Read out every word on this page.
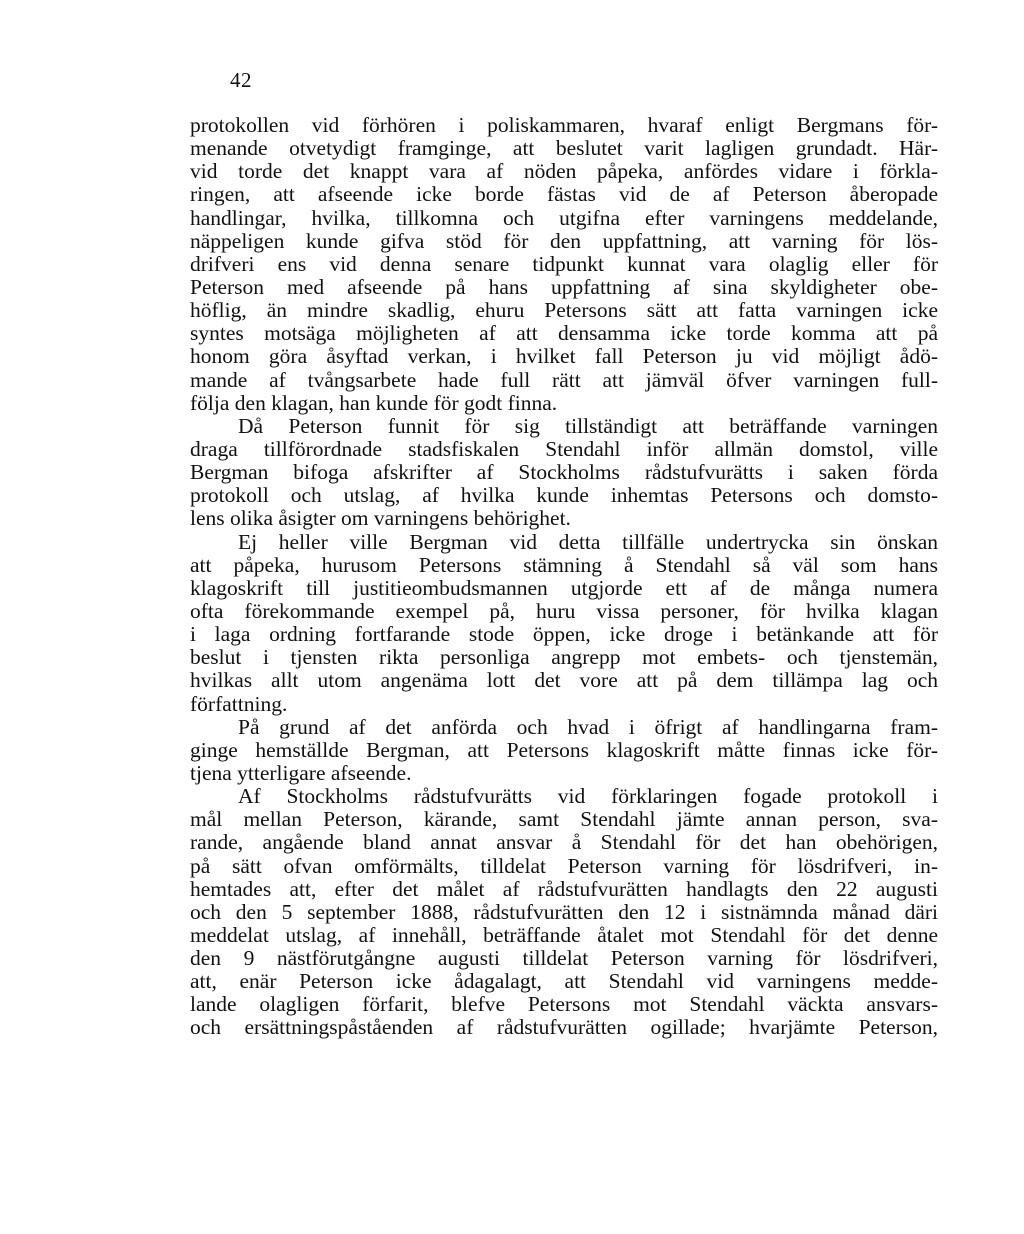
42
protokollen vid förhören i poliskammaren, hvaraf enligt Bergmans för-
menande otvetydigt framginge, att beslutet varit lagligen grundadt. Här-
vid torde det knappt vara af nöden påpeka, anfördes vidare i förkla-
ringen, att afseende icke borde fästas vid de af Peterson åberopade
handlingar, hvilka, tillkomna och utgifna efter varningens meddelande,
näppeligen kunde gifva stöd för den uppfattning, att varning för lös-
drifveri ens vid denna senare tidpunkt kunnat vara olaglig eller för
Peterson med afseende på hans uppfattning af sina skyldigheter obe-
höflig, än mindre skadlig, ehuru Petersons sätt att fatta varningen icke
syntes motsäga möjligheten af att densamma icke torde komma att på
honom göra åsyftad verkan, i hvilket fall Peterson ju vid möjligt ådö-
mande af tvångsarbete hade full rätt att jämväl öfver varningen full-
följa den klagan, han kunde för godt finna.
Då Peterson funnit för sig tillständigt att beträffande varningen
draga tillförordnade stadsfiskalen Stendahl inför allmän domstol, ville
Bergman bifoga afskrifter af Stockholms rådstufvurätts i saken förda
protokoll och utslag, af hvilka kunde inhemtas Petersons och domsto-
lens olika åsigter om varningens behörighet.
Ej heller ville Bergman vid detta tillfälle undertrycka sin önskan
att påpeka, hurusom Petersons stämning å Stendahl så väl som hans
klagoskrift till justitieombudsmannen utgjorde ett af de många numera
ofta förekommande exempel på, huru vissa personer, för hvilka klagan
i laga ordning fortfarande stode öppen, icke droge i betänkande att för
beslut i tjensten rikta personliga angrepp mot embets- och tjenstemän,
hvilkas allt utom angenäma lott det vore att på dem tillämpa lag och
författning.
På grund af det anförda och hvad i öfrigt af handlingarna fram-
ginge hemställde Bergman, att Petersons klagoskrift måtte finnas icke för-
tjena ytterligare afseende.
Af Stockholms rådstufvurätts vid förklaringen fogade protokoll i
mål mellan Peterson, kärande, samt Stendahl jämte annan person, sva-
rande, angående bland annat ansvar å Stendahl för det han obehörigen,
på sätt ofvan omförmälts, tilldelat Peterson varning för lösdrifveri, in-
hemtades att, efter det målet af rådstufvurätten handlagts den 22 augusti
och den 5 september 1888, rådstufvurätten den 12 i sistnämnda månad däri
meddelat utslag, af innehåll, beträffande åtalet mot Stendahl för det denne
den 9 nästförutgångne augusti tilldelat Peterson varning för lösdrifveri,
att, enär Peterson icke ådagalagt, att Stendahl vid varningens medde-
lande olagligen förfarit, blefve Petersons mot Stendahl väckta ansvars-
och ersättningspåståenden af rådstufvurätten ogillade; hvarjämte Peterson,
